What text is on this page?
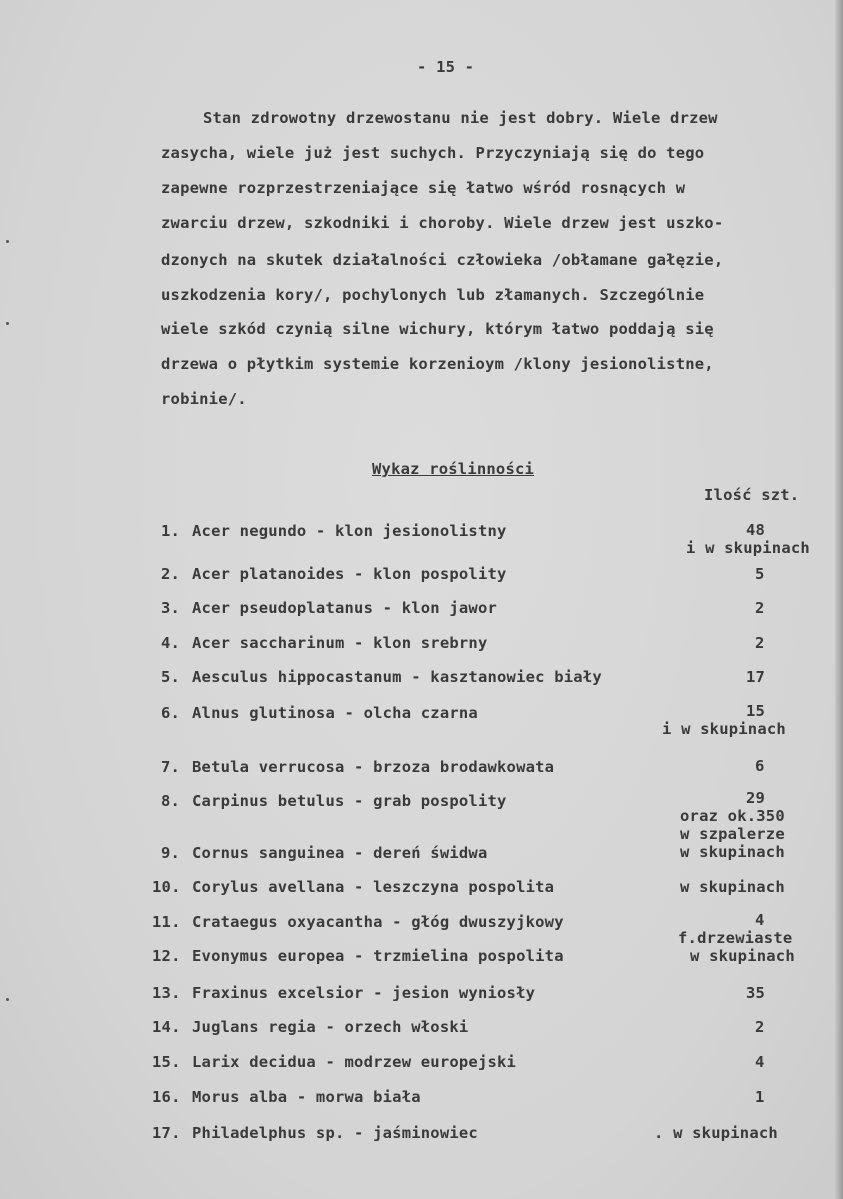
- 15 -
Stan zdrowotny drzewostanu nie jest dobry. Wiele drzew
zasycha, wiele już jest suchych. Przyczyniają się do tego
zapewne rozprzestrzeniające się łatwo wśród rosnących w
zwarciu drzew, szkodniki i choroby. Wiele drzew jest uszko-
dzonych na skutek działalności człowieka /obłamane gałęzie,
uszkodzenia kory/, pochylonych lub złamanych. Szczególnie
wiele szkód czynią silne wichury, którym łatwo poddają się
drzewa o płytkim systemie korzenioym /klony jesionolistne,
robinie/.
Wykaz roślinności
Ilość szt.
1.
2.
3.
4.
5.
6.
7.
8.
9.
10.
11.
12.
13.
14.
15.
16.
17.
Acer negundo - klon jesionolistny
Acer platanoides - klon pospolity
Acer pseudoplatanus - klon jawor
Acer saccharinum - klon srebrny
Aesculus hippocastanum - kasztanowiec biały
Alnus glutinosa - olcha czarna
Betula verrucosa - brzoza brodawkowata
Carpinus betulus - grab pospolity
Cornus sanguinea - dereń świdwa
Corylus avellana - leszczyna pospolita
Crataegus oxyacantha - głóg dwuszyjkowy
Evonymus europea - trzmielina pospolita
Fraxinus excelsior - jesion wyniosły
Juglans regia - orzech włoski
Larix decidua - modrzew europejski
Morus alba - morwa biała
Philadelphus sp. - jaśminowiec
48
i w skupinach
5
2
2
17
15
i w skupinach
6
29
oraz ok.350
w szpalerze
w skupinach
w skupinach
4
f.drzewiaste
w skupinach
35
2
4
1
. w skupinach
